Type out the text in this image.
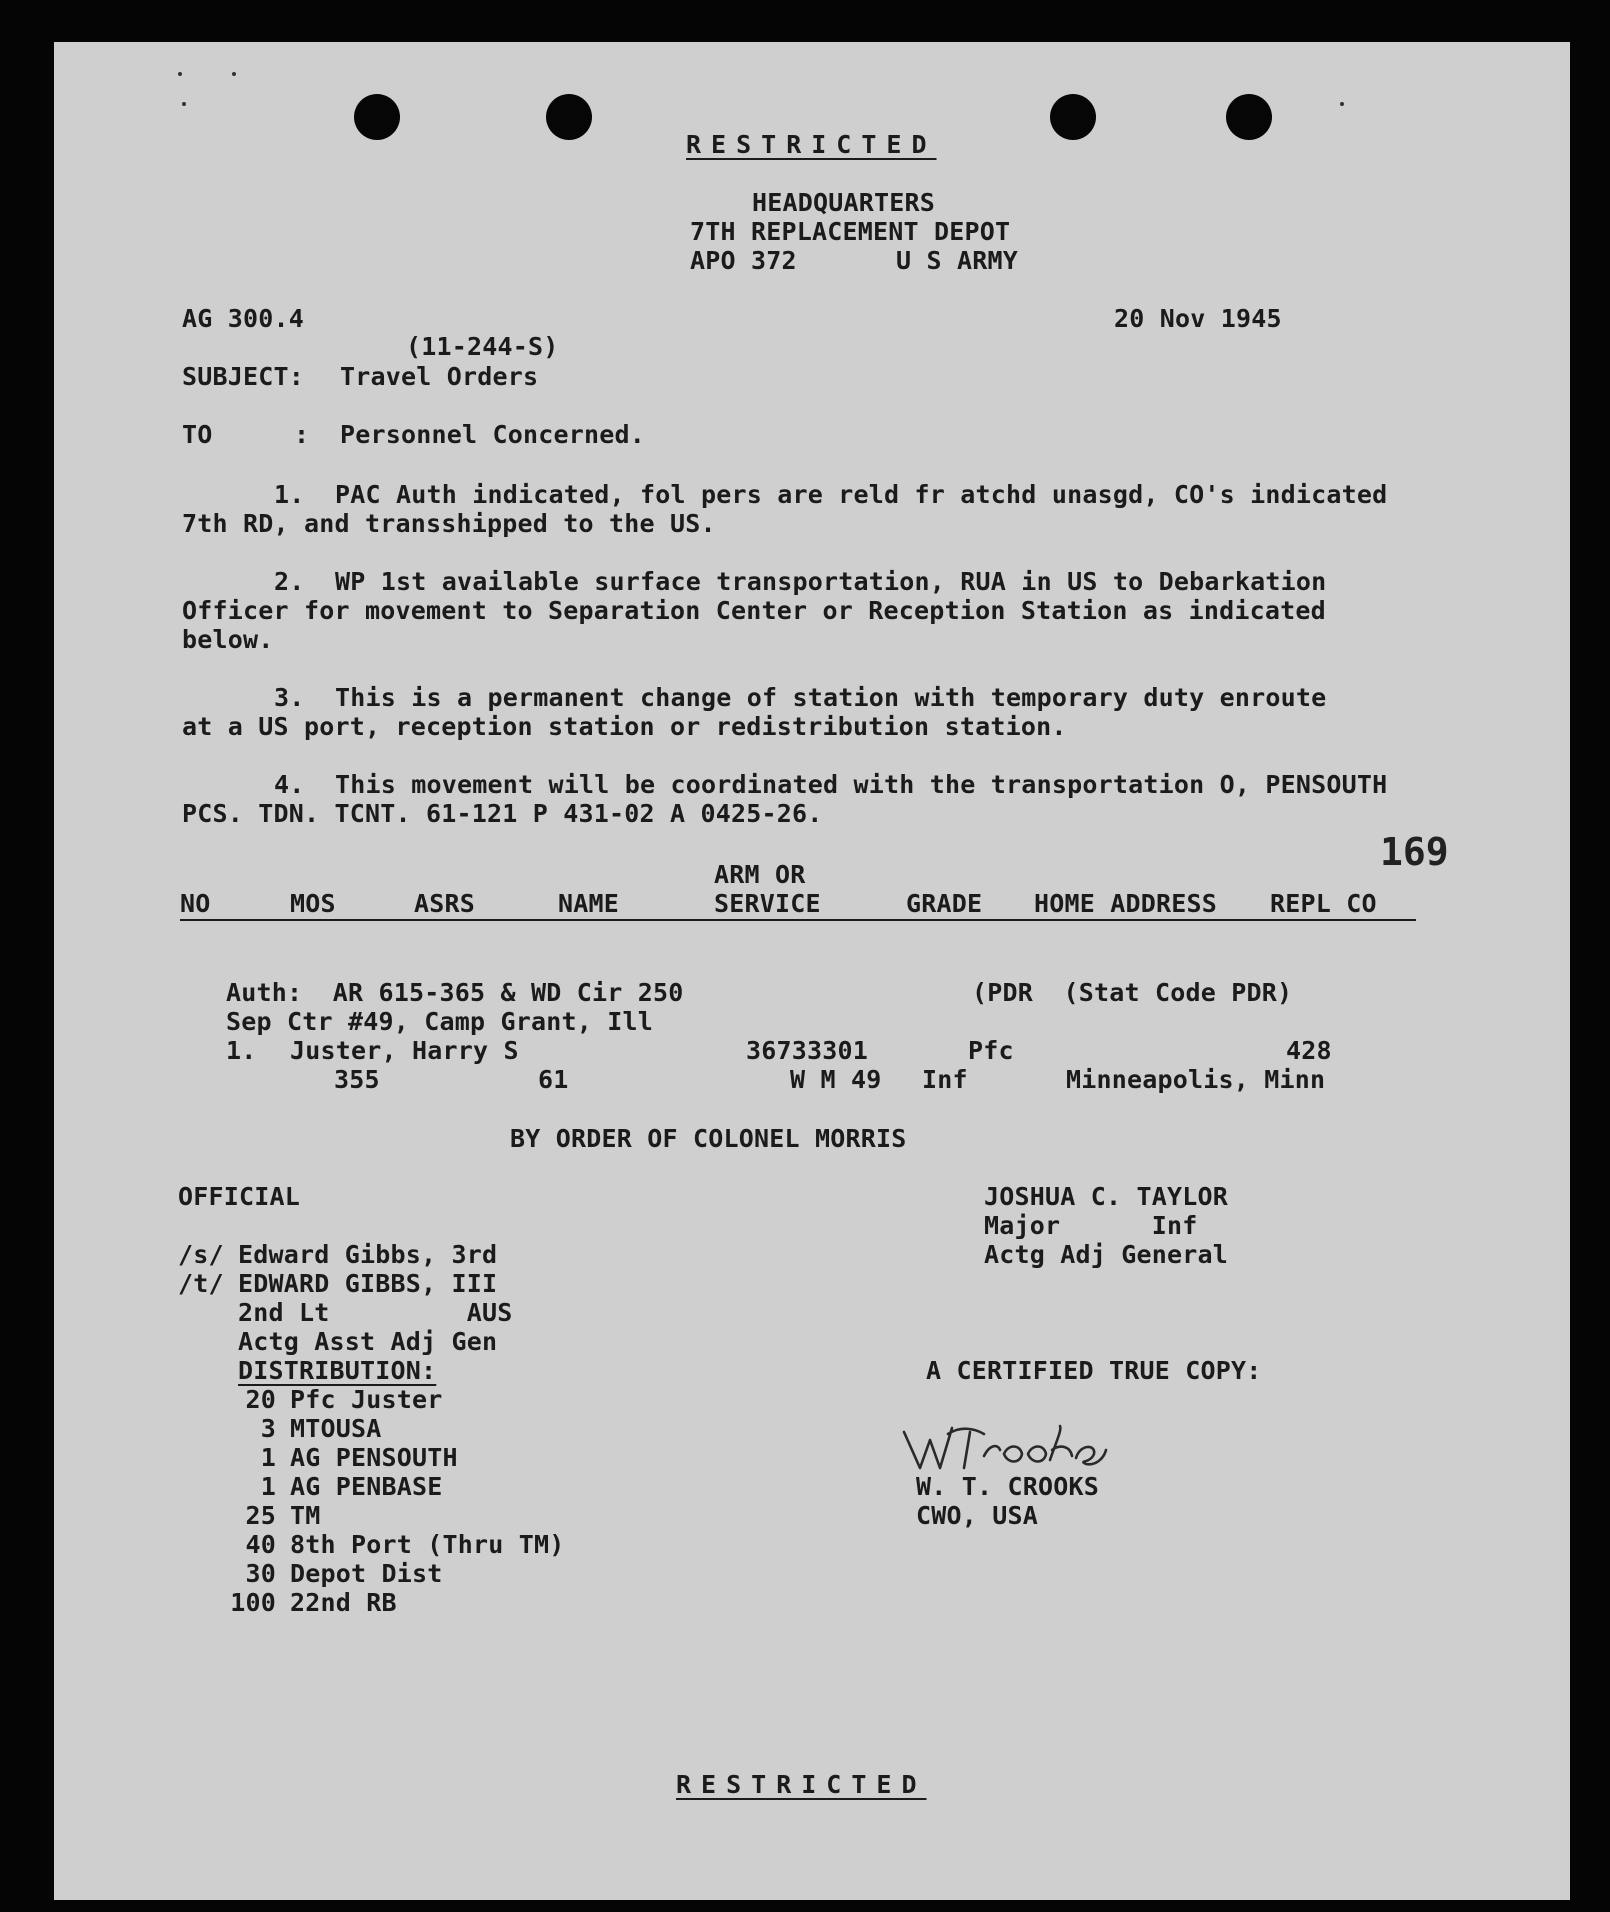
RESTRICTED
HEADQUARTERS
7TH REPLACEMENT DEPOT
APO 372	U S ARMY
AG 300.4
(11-244-S)
20 Nov 1945
SUBJECT: Travel Orders
TO	: Personnel Concerned.
1.  PAC Auth indicated, fol pers are reld fr atchd unasgd, CO's indicated
7th RD, and transshipped to the US.
2.  WP 1st available surface transportation, RUA in US to Debarkation
Officer for movement to Separation Center or Reception Station as indicated
below.
3.  This is a permanent change of station with temporary duty enroute
at a US port, reception station or redistribution station.
4.  This movement will be coordinated with the transportation O, PENSOUTH
PCS. TDN. TCNT. 61-121 P 431-02 A 0425-26.
169
ARM OR
NO	MOS	ASRS	NAME	SERVICE	GRADE HOME ADDRESS REPL CO
Auth:  AR 615-365 & WD Cir 250	(PDR  (Stat Code PDR)
Sep Ctr #49, Camp Grant, Ill
1. Juster, Harry S	36733301	Pfc	428
355	61	W M 49 Inf	Minneapolis, Minn
BY ORDER OF COLONEL MORRIS
OFFICIAL	JOSHUA C. TAYLOR
Major      Inf
Actg Adj General
/s/ Edward Gibbs, 3rd
/t/ EDWARD GIBBS, III
2nd Lt         AUS
Actg Asst Adj Gen
DISTRIBUTION:
20 Pfc Juster
3 MTOUSA
1 AG PENSOUTH
1 AG PENBASE
25 TM
40 8th Port (Thru TM)
30 Depot Dist
100 22nd RB
A CERTIFIED TRUE COPY:
W. T. CROOKS
CWO, USA
RESTRICTED
